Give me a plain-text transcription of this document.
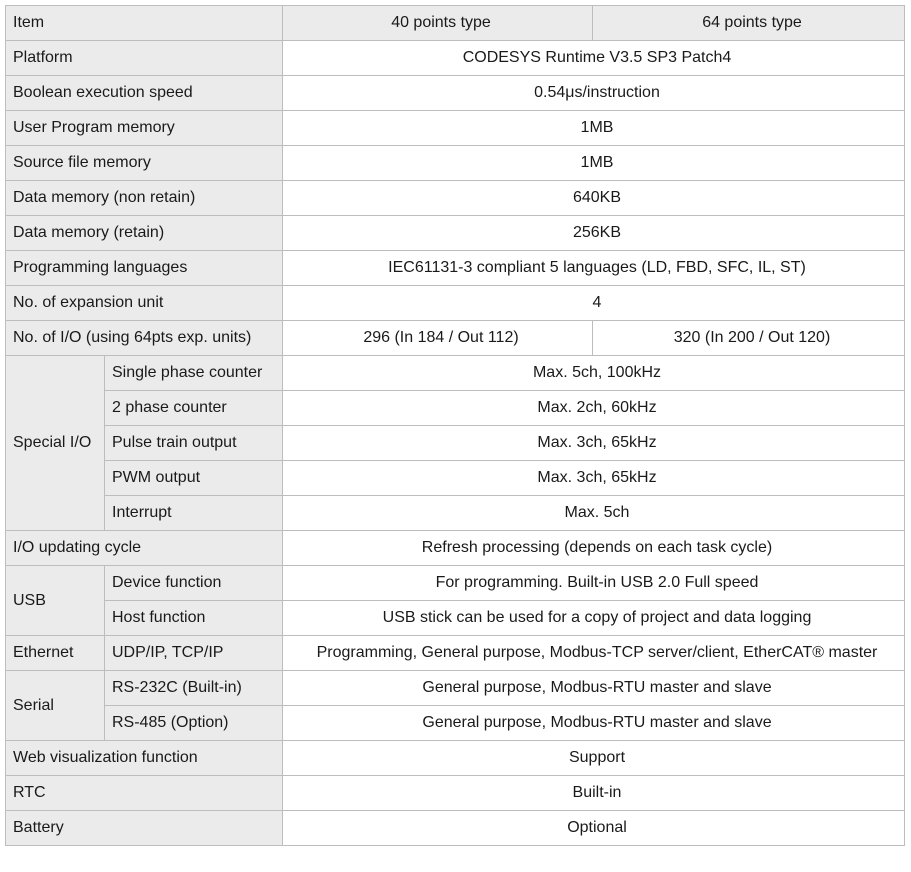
Item		40 points type	64 points type
Platform		CODESYS Runtime V3.5 SP3 Patch4	
Boolean execution speed		0.54μs/instruction	
User Program memory		1MB	
Source file memory		1MB	
Data memory (non retain)		640KB	
Data memory (retain)		256KB	
Programming languages		IEC61131-3 compliant 5 languages (LD, FBD, SFC, IL, ST)	
No. of expansion unit		4	
No. of I/O (using 64pts exp. units)		296 (In 184 / Out 112)	320 (In 200 / Out 120)
Special I/O	Single phase counter	Max. 5ch, 100kHz	
	2 phase counter	Max. 2ch, 60kHz	
	Pulse train output	Max. 3ch, 65kHz	
	PWM output	Max. 3ch, 65kHz	
	Interrupt	Max. 5ch	
I/O updating cycle		Refresh processing (depends on each task cycle)	
USB	Device function	For programming. Built-in USB 2.0 Full speed	
	Host function	USB stick can be used for a copy of project and data logging	
Ethernet	UDP/IP, TCP/IP	Programming, General purpose, Modbus-TCP server/client, EtherCAT® master	
Serial	RS-232C (Built-in)	General purpose, Modbus-RTU master and slave	
	RS-485 (Option)	General purpose, Modbus-RTU master and slave	
Web visualization function		Support	
RTC		Built-in	
Battery		Optional	
